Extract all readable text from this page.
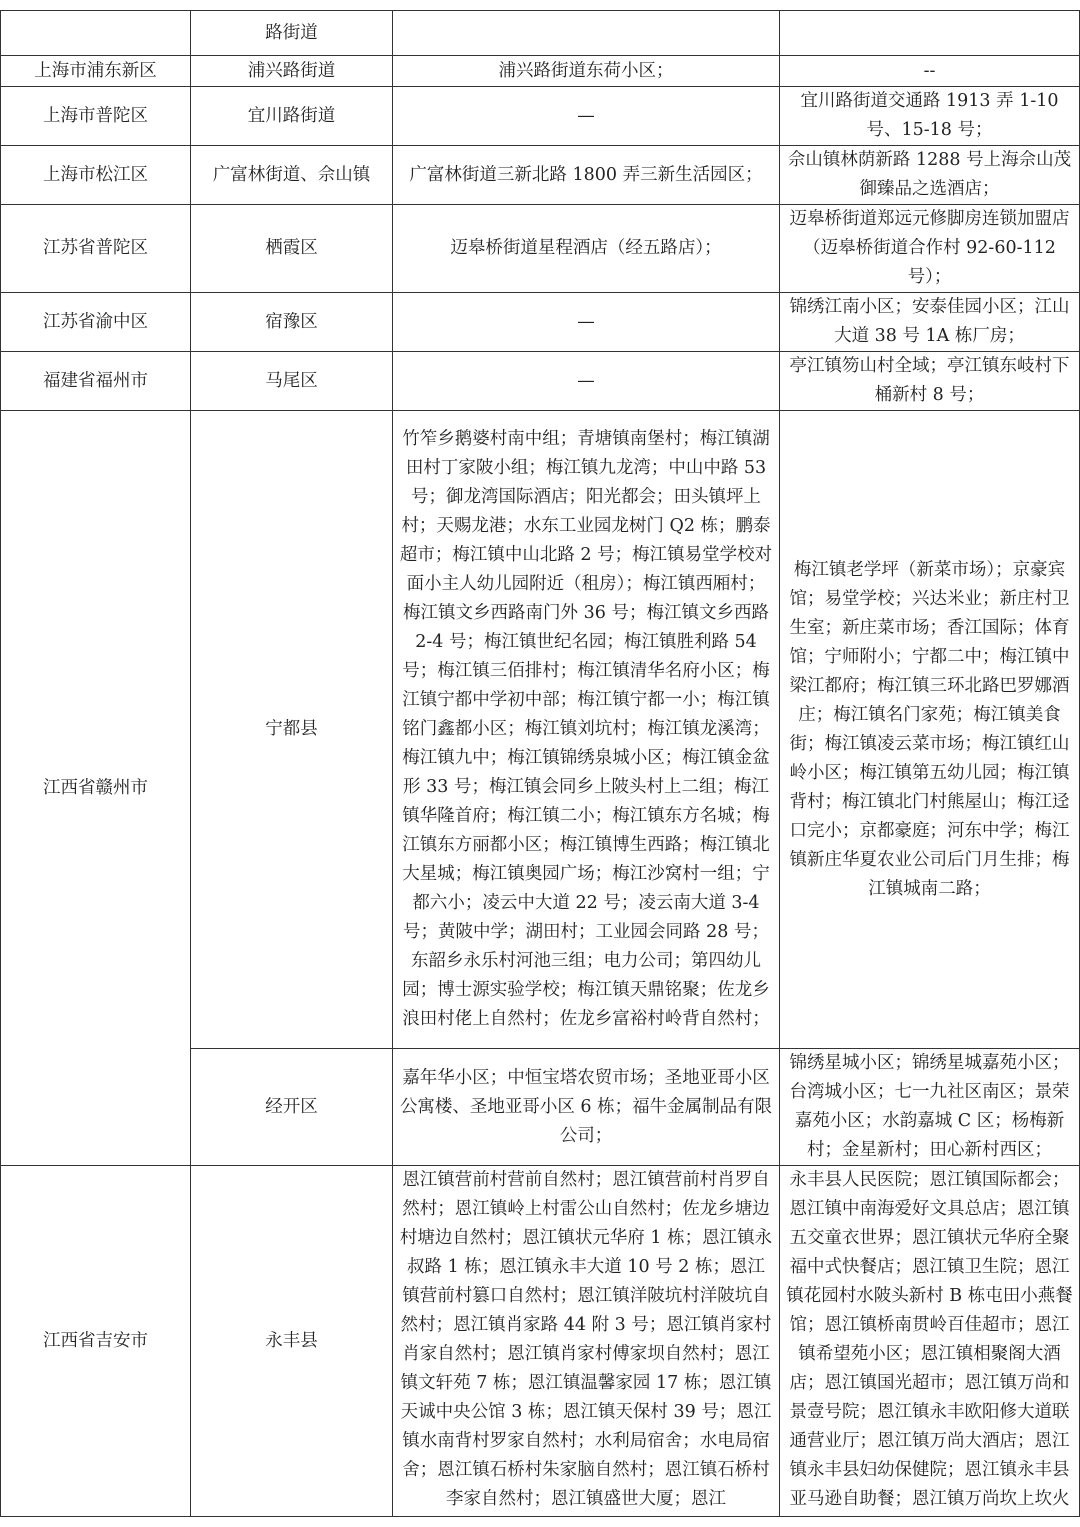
	路街道		
上海市浦东新区	浦兴路街道	浦兴路街道东荷小区；	--
上海市普陀区	宜川路街道	—	宜川路街道交通路 1913 弄 1-10 号、15-18 号；
上海市松江区	广富林街道、佘山镇	广富林街道三新北路 1800 弄三新生活园区；	佘山镇林荫新路 1288 号上海佘山茂御臻品之选酒店；
江苏省普陀区	栖霞区	迈皋桥街道星程酒店（经五路店）；	迈皋桥街道郑远元修脚房连锁加盟店（迈皋桥街道合作村 92-60-112 号）；
江苏省渝中区	宿豫区	—	锦绣江南小区；安泰佳园小区；江山大道 38 号 1A 栋厂房；
福建省福州市	马尾区	—	亭江镇笏山村全域；亭江镇东岐村下桶新村 8 号；
江西省赣州市	宁都县	竹笮乡鹅婆村南中组；青塘镇南堡村；梅江镇湖田村丁家陂小组；梅江镇九龙湾；中山中路 53 号；御龙湾国际酒店；阳光都会；田头镇坪上村；天赐龙港；水东工业园龙树门 Q2 栋；鹏泰超市；梅江镇中山北路 2 号；梅江镇易堂学校对面小主人幼儿园附近（租房）；梅江镇西厢村；梅江镇文乡西路南门外 36 号；梅江镇文乡西路 2-4 号；梅江镇世纪名园；梅江镇胜利路 54 号；梅江镇三佰排村；梅江镇清华名府小区；梅江镇宁都中学初中部；梅江镇宁都一小；梅江镇铭门鑫都小区；梅江镇刘坑村；梅江镇龙溪湾；梅江镇九中；梅江镇锦绣泉城小区；梅江镇金盆形 33 号；梅江镇会同乡上陂头村上二组；梅江镇华隆首府；梅江镇二小；梅江镇东方名城；梅江镇东方丽都小区；梅江镇博生西路；梅江镇北大星城；梅江镇奥园广场；梅江沙窝村一组；宁都六小；凌云中大道 22 号；凌云南大道 3-4 号；黄陂中学；湖田村；工业园会同路 28 号；东韶乡永乐村河池三组；电力公司；第四幼儿园；博士源实验学校；梅江镇天鼎铭聚；佐龙乡浪田村佬上自然村；佐龙乡富裕村岭背自然村；	梅江镇老学坪（新菜市场）；京豪宾馆；易堂学校；兴达米业；新庄村卫生室；新庄菜市场；香江国际；体育馆；宁师附小；宁都二中；梅江镇中梁江都府；梅江镇三环北路巴罗娜酒庄；梅江镇名门家苑；梅江镇美食街；梅江镇凌云菜市场；梅江镇红山岭小区；梅江镇第五幼儿园；梅江镇背村；梅江镇北门村熊屋山；梅江迳口完小；京都豪庭；河东中学；梅江镇新庄华夏农业公司后门月生排；梅江镇城南二路；
	经开区	嘉年华小区；中恒宝塔农贸市场；圣地亚哥小区公寓楼、圣地亚哥小区 6 栋；福牛金属制品有限公司；	锦绣星城小区；锦绣星城嘉苑小区；台湾城小区；七一九社区南区；景荣嘉苑小区；水韵嘉城 C 区；杨梅新村；金星新村；田心新村西区；
江西省吉安市	永丰县	恩江镇营前村营前自然村；恩江镇营前村肖罗自然村；恩江镇岭上村雷公山自然村；佐龙乡塘边村塘边自然村；恩江镇状元华府 1 栋；恩江镇永叔路 1 栋；恩江镇永丰大道 10 号 2 栋；恩江镇营前村篡口自然村；恩江镇洋陂坑村洋陂坑自然村；恩江镇肖家路 44 附 3 号；恩江镇肖家村肖家自然村；恩江镇肖家村傅家坝自然村；恩江镇文轩苑 7 栋；恩江镇温馨家园 17 栋；恩江镇天诚中央公馆 3 栋；恩江镇天保村 39 号；恩江镇水南背村罗家自然村；水利局宿舍；水电局宿舍；恩江镇石桥村朱家脑自然村；恩江镇石桥村李家自然村；恩江镇盛世大厦；恩江	永丰县人民医院；恩江镇国际都会；恩江镇中南海爱好文具总店；恩江镇五交童衣世界；恩江镇状元华府全聚福中式快餐店；恩江镇卫生院；恩江镇花园村水陂头新村 B 栋屯田小燕餐馆；恩江镇桥南贯岭百佳超市；恩江镇希望苑小区；恩江镇相聚阁大酒店；恩江镇国光超市；恩江镇万尚和景壹号院；恩江镇永丰欧阳修大道联通营业厅；恩江镇万尚大酒店；恩江镇永丰县妇幼保健院；恩江镇永丰县亚马逊自助餐；恩江镇万尚坎上坎火
